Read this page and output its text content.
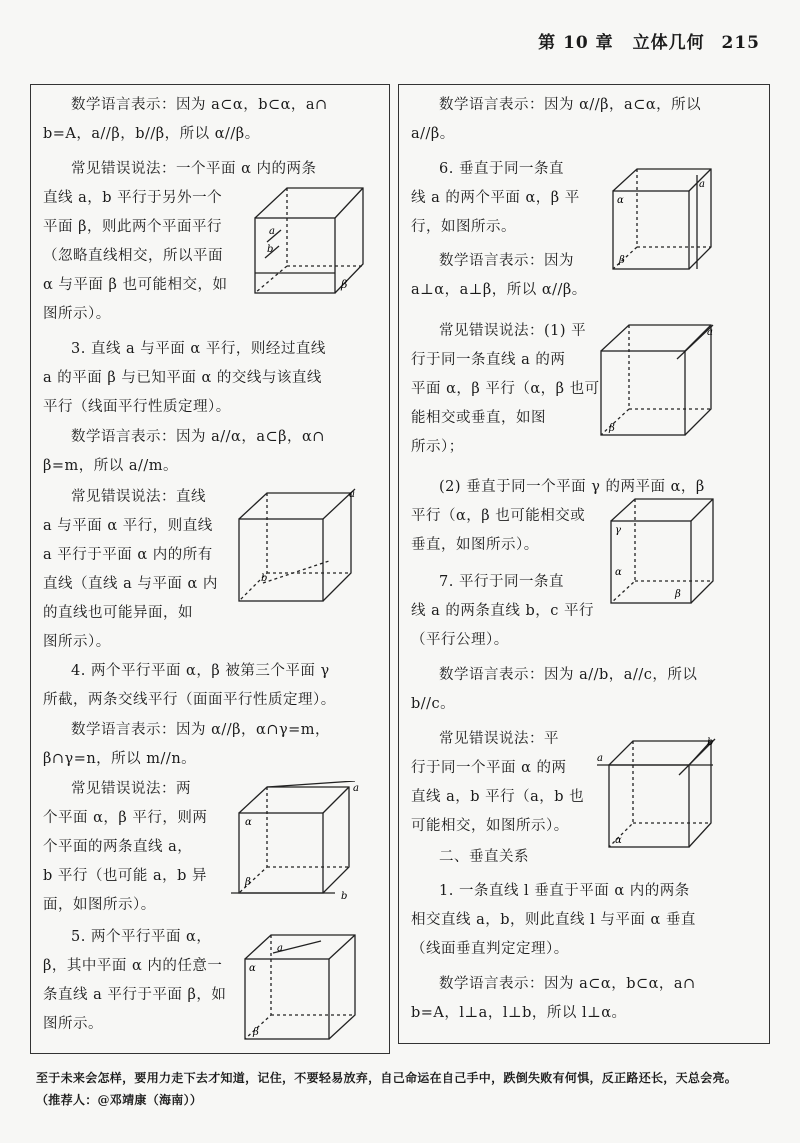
第 10 章 立体几何 215
数学语言表示：因为 a⊂α，b⊂α，a∩
b=A，a//β，b//β，所以 α//β。
常见错误说法：一个平面 α 内的两条
直线 a，b 平行于另外一个
平面 β，则此两个平面平行
（忽略直线相交，所以平面
α 与平面 β 也可能相交，如
图所示）。
β
a
b
3. 直线 a 与平面 α 平行，则经过直线
a 的平面 β 与已知平面 α 的交线与该直线
平行（线面平行性质定理）。
数学语言表示：因为 a//α，a⊂β，α∩
β=m，所以 a//m。
常见错误说法：直线
a 与平面 α 平行，则直线
a 平行于平面 α 内的所有
直线（直线 a 与平面 α 内
的直线也可能异面，如
图所示）。
a
b
4. 两个平行平面 α，β 被第三个平面 γ
所截，两条交线平行（面面平行性质定理）。
数学语言表示：因为 α//β，α∩γ=m，
β∩γ=n，所以 m//n。
常见错误说法：两
个平面 α，β 平行，则两
个平面的两条直线 a，
b 平行（也可能 a，b 异
面，如图所示）。
a
α
b
β
5. 两个平行平面 α，
β，其中平面 α 内的任意一
条直线 a 平行于平面 β，如
图所示。
a
α
β
数学语言表示：因为 α//β，a⊂α，所以
a//β。
6. 垂直于同一条直
线 a 的两个平面 α，β 平
行，如图所示。
数学语言表示：因为
a⊥α，a⊥β，所以 α//β。
α
a
β
常见错误说法：(1) 平
行于同一条直线 a 的两
平面 α，β 平行（α，β 也可
能相交或垂直，如图
所示）；
a
β
(2) 垂直于同一个平面 γ 的两平面 α，β
平行（α，β 也可能相交或
垂直，如图所示）。
γ
α
β
7. 平行于同一条直
线 a 的两条直线 b，c 平行
（平行公理）。
数学语言表示：因为 a//b，a//c，所以
b//c。
常见错误说法：平
行于同一个平面 α 的两
直线 a，b 平行（a，b 也
可能相交，如图所示）。
a
b
α
二、垂直关系
1. 一条直线 l 垂直于平面 α 内的两条
相交直线 a，b，则此直线 l 与平面 α 垂直
（线面垂直判定定理）。
数学语言表示：因为 a⊂α，b⊂α，a∩
b=A，l⊥a，l⊥b，所以 l⊥α。
至于未来会怎样，要用力走下去才知道，记住，不要轻易放弃，自己命运在自己手中，跌倒失败有何惧，反正路还长，天总会亮。
（推荐人：@邓靖康（海南））
